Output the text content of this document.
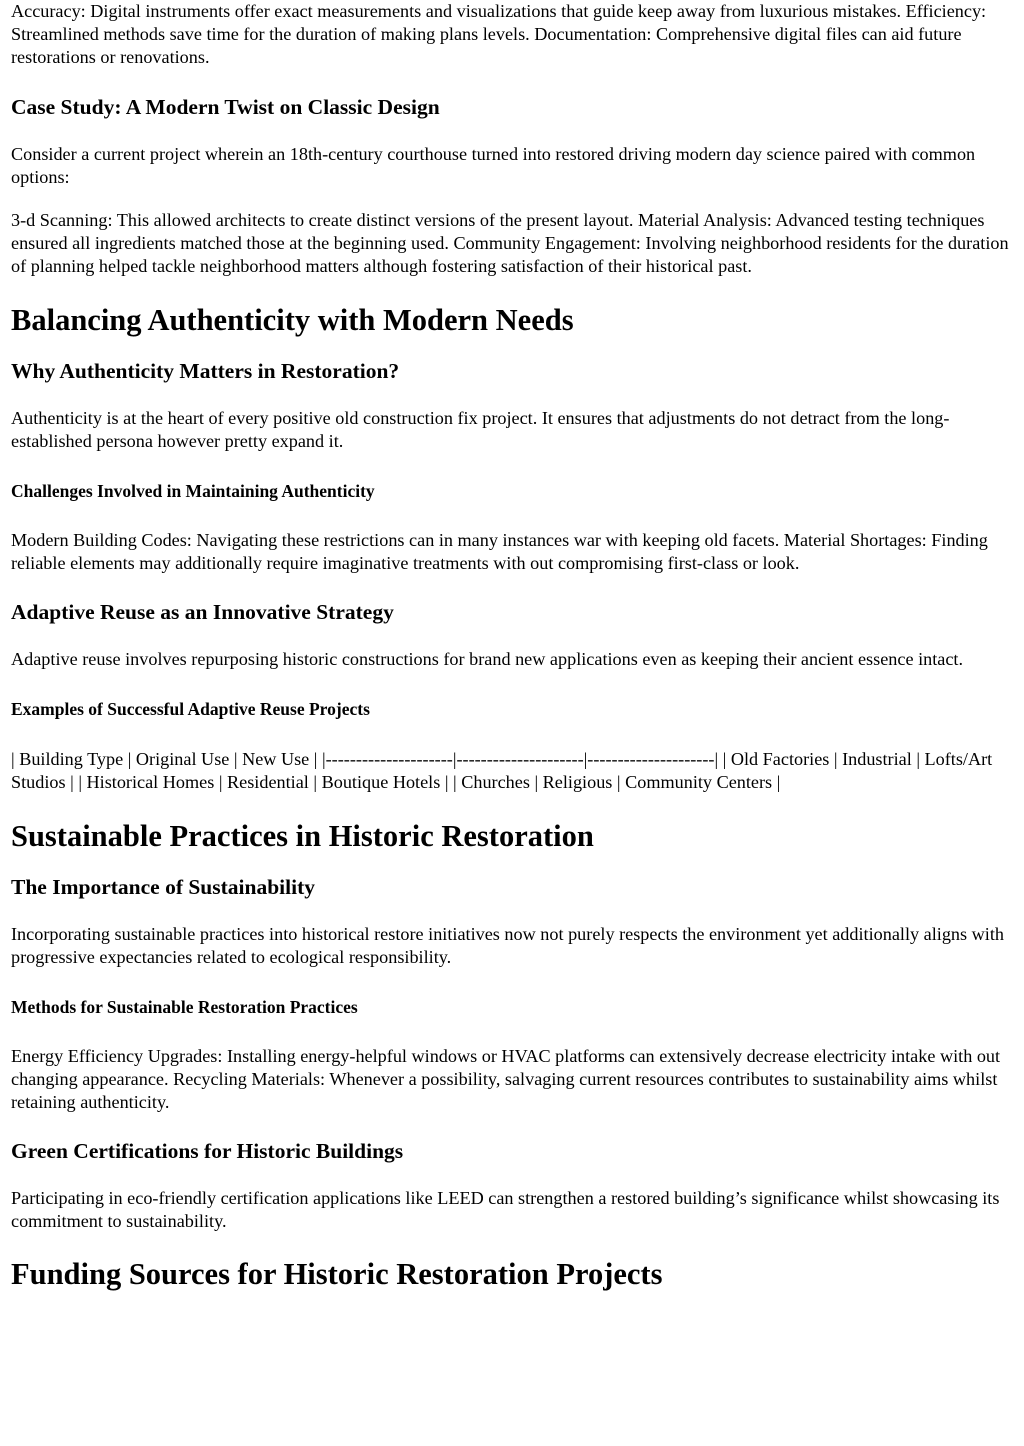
Accuracy: Digital instruments offer exact measurements and visualizations that guide keep away from luxurious mistakes. Efficiency: Streamlined methods save time for the duration of making plans levels. Documentation: Comprehensive digital files can aid future restorations or renovations.

Case Study: A Modern Twist on Classic Design

Consider a current project wherein an 18th-century courthouse turned into restored driving modern day science paired with common options:

3-d Scanning: This allowed architects to create distinct versions of the present layout. Material Analysis: Advanced testing techniques ensured all ingredients matched those at the beginning used. Community Engagement: Involving neighborhood residents for the duration of planning helped tackle neighborhood matters although fostering satisfaction of their historical past.

Balancing Authenticity with Modern Needs
Why Authenticity Matters in Restoration?

Authenticity is at the heart of every positive old construction fix project. It ensures that adjustments do not detract from the long-established persona however pretty expand it.

Challenges Involved in Maintaining Authenticity

Modern Building Codes: Navigating these restrictions can in many instances war with keeping old facets. Material Shortages: Finding reliable elements may additionally require imaginative treatments with out compromising first-class or look.

Adaptive Reuse as an Innovative Strategy

Adaptive reuse involves repurposing historic constructions for brand new applications even as keeping their ancient essence intact.

Examples of Successful Adaptive Reuse Projects

| Building Type | Original Use | New Use | |---------------------|---------------------|---------------------| | Old Factories | Industrial | Lofts/Art Studios | | Historical Homes | Residential | Boutique Hotels | | Churches | Religious | Community Centers |

Sustainable Practices in Historic Restoration
The Importance of Sustainability

Incorporating sustainable practices into historical restore initiatives now not purely respects the environment yet additionally aligns with progressive expectancies related to ecological responsibility.

Methods for Sustainable Restoration Practices

Energy Efficiency Upgrades: Installing energy-helpful windows or HVAC platforms can extensively decrease electricity intake with out changing appearance. Recycling Materials: Whenever a possibility, salvaging current resources contributes to sustainability aims whilst retaining authenticity.

Green Certifications for Historic Buildings

Participating in eco-friendly certification applications like LEED can strengthen a restored building’s significance whilst showcasing its commitment to sustainability.

Funding Sources for Historic Restoration Projects
